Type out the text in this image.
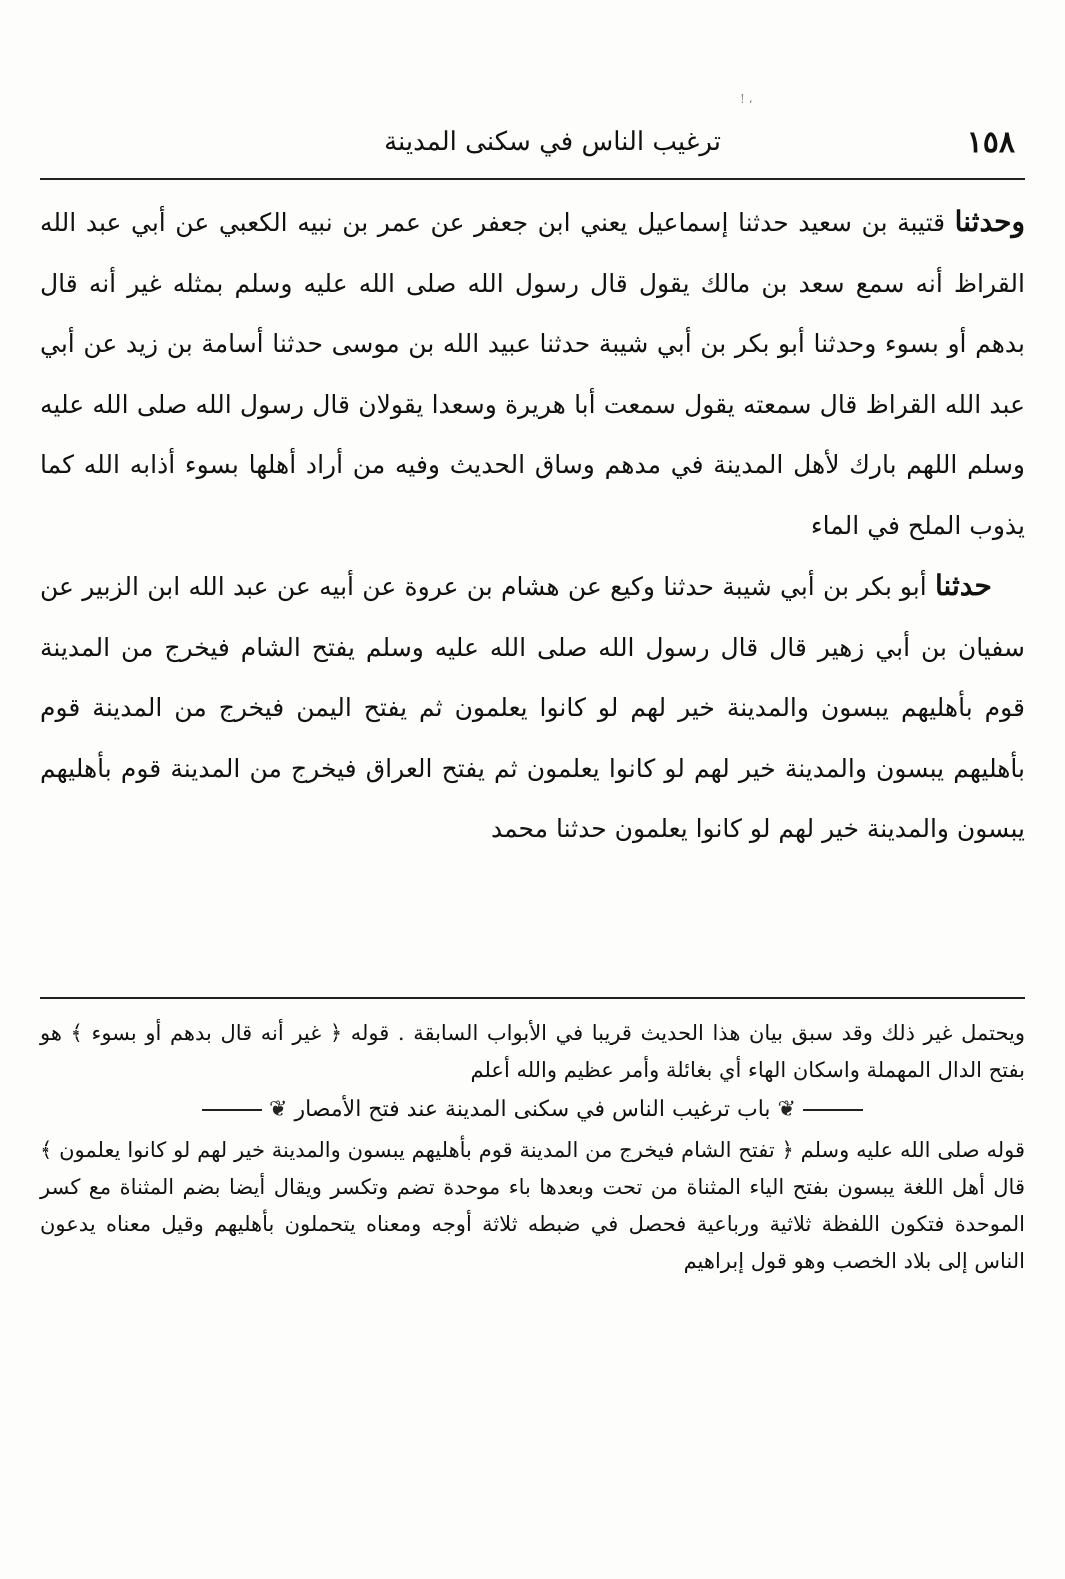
! ،
١٥٨
ترغيب الناس في سكنى المدينة

وحدثنا قتيبة بن سعيد حدثنا إسماعيل يعني ابن جعفر عن عمر بن نبيه الكعبي عن أبي عبد الله القراظ أنه سمع سعد بن مالك يقول قال رسول الله صلى الله عليه وسلم بمثله غير أنه قال بدهم أو بسوء وحدثنا أبو بكر بن أبي شيبة حدثنا عبيد الله بن موسى حدثنا أسامة بن زيد عن أبي عبد الله القراظ قال سمعته يقول سمعت أبا هريرة وسعدا يقولان قال رسول الله صلى الله عليه وسلم اللهم بارك لأهل المدينة في مدهم وساق الحديث وفيه من أراد أهلها بسوء أذابه الله كما يذوب الملح في الماء

حدثنا أبو بكر بن أبي شيبة حدثنا وكيع عن هشام بن عروة عن أبيه عن عبد الله ابن الزبير عن سفيان بن أبي زهير قال قال رسول الله صلى الله عليه وسلم يفتح الشام فيخرج من المدينة قوم بأهليهم يبسون والمدينة خير لهم لو كانوا يعلمون ثم يفتح اليمن فيخرج من المدينة قوم بأهليهم يبسون والمدينة خير لهم لو كانوا يعلمون ثم يفتح العراق فيخرج من المدينة قوم بأهليهم يبسون والمدينة خير لهم لو كانوا يعلمون حدثنا محمد

ويحتمل غير ذلك وقد سبق بيان هذا الحديث قريبا في الأبواب السابقة . قوله ﴿ غير أنه قال بدهم أو بسوء ﴾ هو بفتح الدال المهملة واسكان الهاء أي بغائلة وأمر عظيم والله أعلم

❦ باب ترغيب الناس في سكنى المدينة عند فتح الأمصار ❦

قوله صلى الله عليه وسلم ﴿ تفتح الشام فيخرج من المدينة قوم بأهليهم يبسون والمدينة خير لهم لو كانوا يعلمون ﴾ قال أهل اللغة يبسون بفتح الياء المثناة من تحت وبعدها باء موحدة تضم وتكسر ويقال أيضا بضم المثناة مع كسر الموحدة فتكون اللفظة ثلاثية ورباعية فحصل في ضبطه ثلاثة أوجه ومعناه يتحملون بأهليهم وقيل معناه يدعون الناس إلى بلاد الخصب وهو قول إبراهيم
